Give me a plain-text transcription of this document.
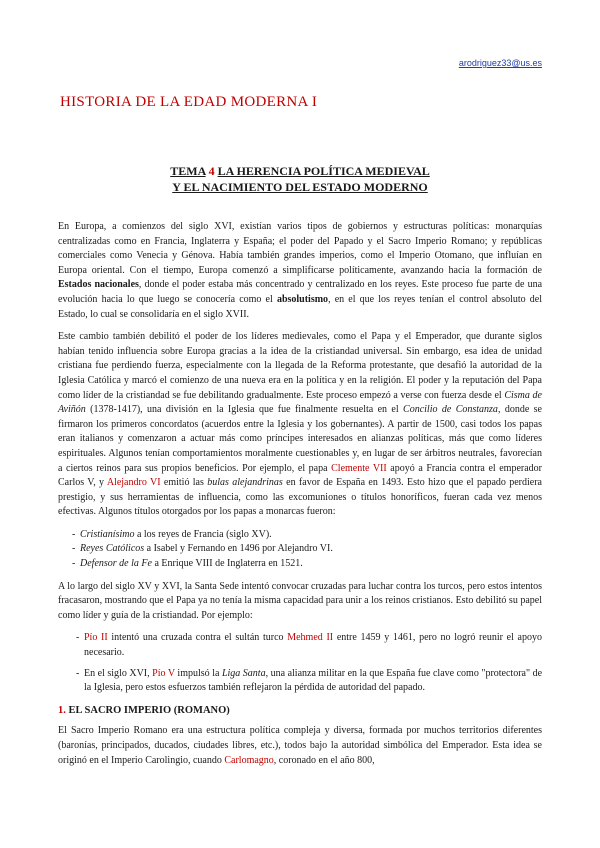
arodriguez33@us.es
HISTORIA DE LA EDAD MODERNA I
TEMA 4 LA HERENCIA POLÍTICA MEDIEVAL
Y EL NACIMIENTO DEL ESTADO MODERNO

En Europa, a comienzos del siglo XVI, existían varios tipos de gobiernos y estructuras políticas: monarquías centralizadas como en Francia, Inglaterra y España; el poder del Papado y el Sacro Imperio Romano; y repúblicas comerciales como Venecia y Génova. Había también grandes imperios, como el Imperio Otomano, que influían en Europa oriental. Con el tiempo, Europa comenzó a simplificarse políticamente, avanzando hacia la formación de Estados nacionales, donde el poder estaba más concentrado y centralizado en los reyes. Este proceso fue parte de una evolución hacia lo que luego se conocería como el absolutismo, en el que los reyes tenían el control absoluto del Estado, lo cual se consolidaría en el siglo XVII.

Este cambio también debilitó el poder de los líderes medievales, como el Papa y el Emperador, que durante siglos habían tenido influencia sobre Europa gracias a la idea de la cristiandad universal. Sin embargo, esa idea de unidad cristiana fue perdiendo fuerza, especialmente con la llegada de la Reforma protestante, que desafió la autoridad de la Iglesia Católica y marcó el comienzo de una nueva era en la política y en la religión. El poder y la reputación del Papa como líder de la cristiandad se fue debilitando gradualmente. Este proceso empezó a verse con fuerza desde el Cisma de Aviñón (1378-1417), una división en la Iglesia que fue finalmente resuelta en el Concilio de Constanza, donde se firmaron los primeros concordatos (acuerdos entre la Iglesia y los gobernantes). A partir de 1500, casi todos los papas eran italianos y comenzaron a actuar más como príncipes interesados en alianzas políticas, más que como líderes espirituales. Algunos tenían comportamientos moralmente cuestionables y, en lugar de ser árbitros neutrales, favorecían a ciertos reinos para sus propios beneficios. Por ejemplo, el papa Clemente VII apoyó a Francia contra el emperador Carlos V, y Alejandro VI emitió las bulas alejandrinas en favor de España en 1493. Esto hizo que el papado perdiera prestigio, y sus herramientas de influencia, como las excomuniones o títulos honoríficos, fueran cada vez menos efectivas. Algunos títulos otorgados por los papas a monarcas fueron:

- Cristianísimo a los reyes de Francia (siglo XV).
- Reyes Católicos a Isabel y Fernando en 1496 por Alejandro VI.
- Defensor de la Fe a Enrique VIII de Inglaterra en 1521.

A lo largo del siglo XV y XVI, la Santa Sede intentó convocar cruzadas para luchar contra los turcos, pero estos intentos fracasaron, mostrando que el Papa ya no tenía la misma capacidad para unir a los reinos cristianos. Esto debilitó su papel como líder y guía de la cristiandad. Por ejemplo:

- Pío II intentó una cruzada contra el sultán turco Mehmed II entre 1459 y 1461, pero no logró reunir el apoyo necesario.
- En el siglo XVI, Pío V impulsó la Liga Santa, una alianza militar en la que España fue clave como "protectora" de la Iglesia, pero estos esfuerzos también reflejaron la pérdida de autoridad del papado.
1. EL SACRO IMPERIO (ROMANO)

El Sacro Imperio Romano era una estructura política compleja y diversa, formada por muchos territorios diferentes (baronías, principados, ducados, ciudades libres, etc.), todos bajo la autoridad simbólica del Emperador. Esta idea se originó en el Imperio Carolingio, cuando Carlomagno, coronado en el año 800,
